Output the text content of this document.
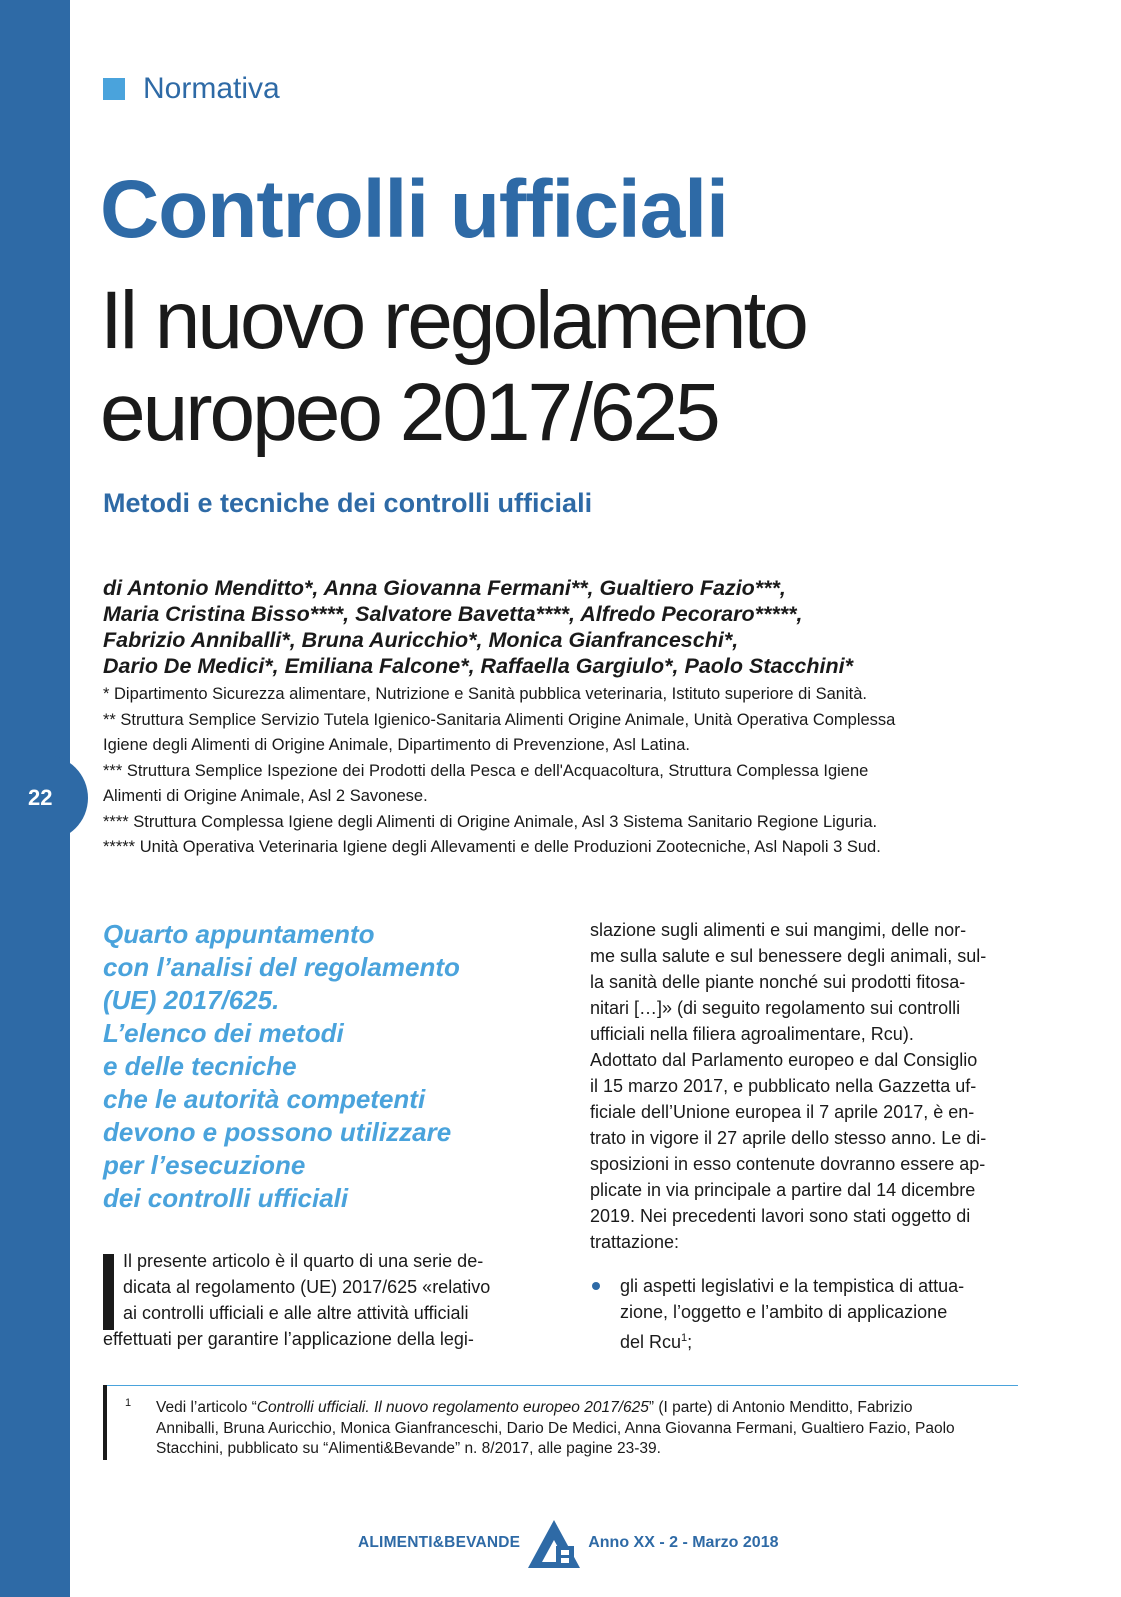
22
Normativa
Controlli ufficiali
Il nuovo regolamento europeo 2017/625
Metodi e tecniche dei controlli ufficiali
di Antonio Menditto*, Anna Giovanna Fermani**, Gualtiero Fazio***,
Maria Cristina Bisso****, Salvatore Bavetta****, Alfredo Pecoraro*****,
Fabrizio Anniballi*, Bruna Auricchio*, Monica Gianfranceschi*,
Dario De Medici*, Emiliana Falcone*, Raffaella Gargiulo*, Paolo Stacchini*
* Dipartimento Sicurezza alimentare, Nutrizione e Sanità pubblica veterinaria, Istituto superiore di Sanità.
** Struttura Semplice Servizio Tutela Igienico-Sanitaria Alimenti Origine Animale, Unità Operativa Complessa
Igiene degli Alimenti di Origine Animale, Dipartimento di Prevenzione, Asl Latina.
*** Struttura Semplice Ispezione dei Prodotti della Pesca e dell'Acquacoltura, Struttura Complessa Igiene
Alimenti di Origine Animale, Asl 2 Savonese.
**** Struttura Complessa Igiene degli Alimenti di Origine Animale, Asl 3 Sistema Sanitario Regione Liguria.
***** Unità Operativa Veterinaria Igiene degli Allevamenti e delle Produzioni Zootecniche, Asl Napoli 3 Sud.
Quarto appuntamento
con l’analisi del regolamento
(UE) 2017/625.
L’elenco dei metodi
e delle tecniche
che le autorità competenti
devono e possono utilizzare
per l’esecuzione
dei controlli ufficiali
Il presente articolo è il quarto di una serie de-
dicata al regolamento (UE) 2017/625 «relativo
ai controlli ufficiali e alle altre attività ufficiali
effettuati per garantire l’applicazione della legi-
slazione sugli alimenti e sui mangimi, delle nor-
me sulla salute e sul benessere degli animali, sul-
la sanità delle piante nonché sui prodotti fitosa-
nitari […]» (di seguito regolamento sui controlli
ufficiali nella filiera agroalimentare, Rcu).
Adottato dal Parlamento europeo e dal Consiglio
il 15 marzo 2017, e pubblicato nella Gazzetta uf-
ficiale dell’Unione europea il 7 aprile 2017, è en-
trato in vigore il 27 aprile dello stesso anno. Le di-
sposizioni in esso contenute dovranno essere ap-
plicate in via principale a partire dal 14 dicembre
2019. Nei precedenti lavori sono stati oggetto di
trattazione:
gli aspetti legislativi e la tempistica di attua-
zione, l’oggetto e l’ambito di applicazione
del Rcu$^1$;
1 Vedi l’articolo “Controlli ufficiali. Il nuovo regolamento europeo 2017/625” (I parte) di Antonio Menditto, Fabrizio
Anniballi, Bruna Auricchio, Monica Gianfranceschi, Dario De Medici, Anna Giovanna Fermani, Gualtiero Fazio, Paolo
Stacchini, pubblicato su “Alimenti&Bevande” n. 8/2017, alle pagine 23-39.
ALIMENTI&BEVANDE	Anno XX - 2 - Marzo 2018
